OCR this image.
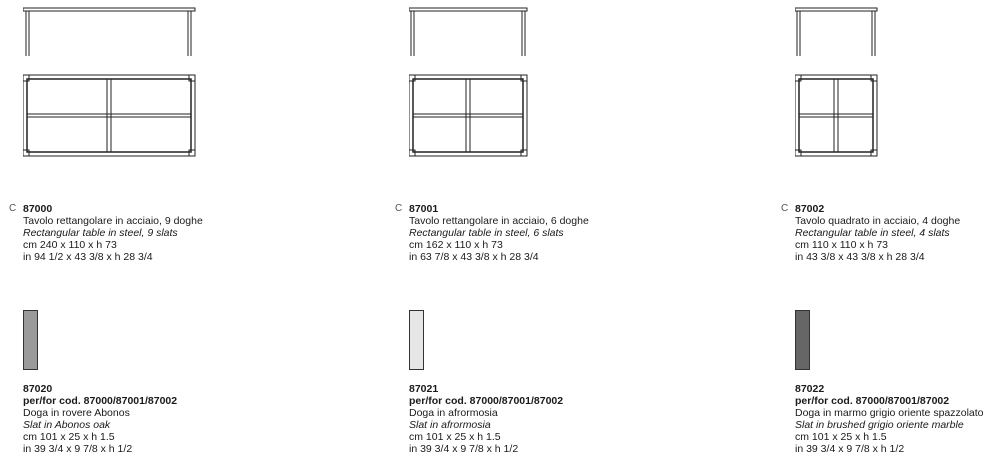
C 87000
Tavolo rettangolare in acciaio, 9 doghe
Rectangular table in steel, 9 slats
cm 240 x 110 x h 73
in 94 1/2 x 43 3/8 x h 28 3/4
87020
per/for cod. 87000/87001/87002
Doga in rovere Abonos
Slat in Abonos oak
cm 101 x 25 x h 1.5
in 39 3/4 x 9 7/8 x h 1/2
C 87001
Tavolo rettangolare in acciaio, 6 doghe
Rectangular table in steel, 6 slats
cm 162 x 110 x h 73
in 63 7/8 x 43 3/8 x h 28 3/4
87021
per/for cod. 87000/87001/87002
Doga in afrormosia
Slat in afrormosia
cm 101 x 25 x h 1.5
in 39 3/4 x 9 7/8 x h 1/2
C 87002
Tavolo quadrato in acciaio, 4 doghe
Rectangular table in steel, 4 slats
cm 110 x 110 x h 73
in 43 3/8 x 43 3/8 x h 28 3/4
87022
per/for cod. 87000/87001/87002
Doga in marmo grigio oriente spazzolato
Slat in brushed grigio oriente marble
cm 101 x 25 x h 1.5
in 39 3/4 x 9 7/8 x h 1/2
